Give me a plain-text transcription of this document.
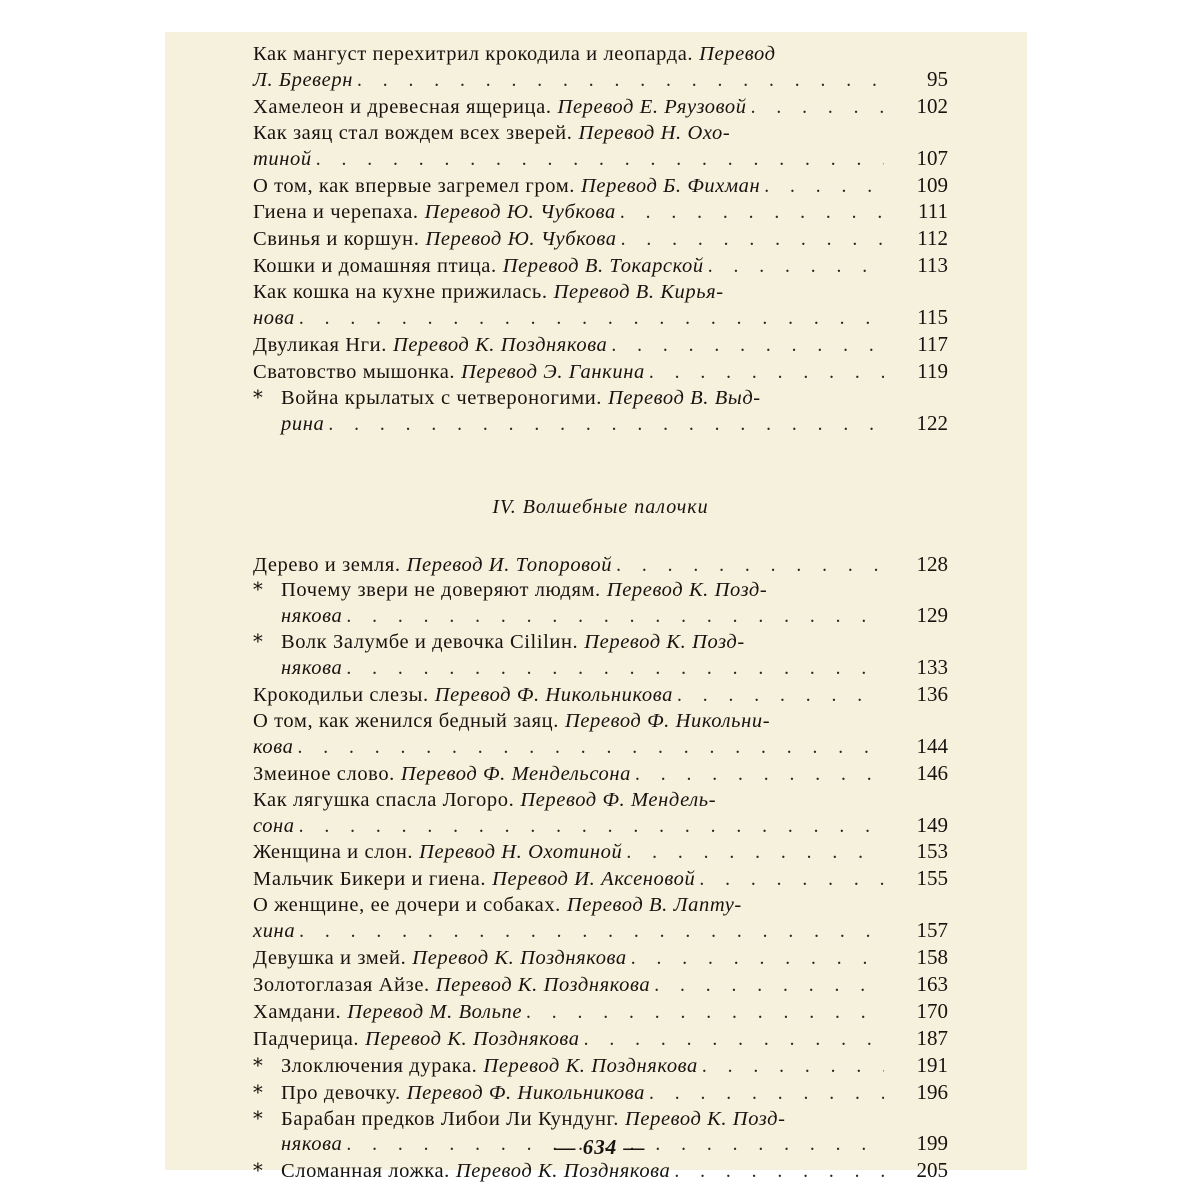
Как мангуст перехитрил крокодила и леопарда. Перевод
Л. Бреверн . . .	95
Хамелеон и древесная ящерица. Перевод Е. Ряузовой . . .	102
Как заяц стал вождем всех зверей. Перевод Н. Охо-
тиной . . .	107
О том, как впервые загремел гром. Перевод Б. Фихман . . .	109
Гиена и черепаха. Перевод Ю. Чубкова . . .	111
Свинья и коршун. Перевод Ю. Чубкова . . .	112
Кошки и домашняя птица. Перевод В. Токарской . . .	113
Как кошка на кухне прижилась. Перевод В. Кирья-
нова . . .	115
Двуликая Нги. Перевод К. Позднякова . . .	117
Сватовство мышонка. Перевод Э. Ганкина . . .	119
* Война крылатых с четвероногими. Перевод В. Выд-
рина . . .	122
IV. Волшебные палочки
Дерево и земля. Перевод И. Топоровой . . .	128
* Почему звери не доверяют людям. Перевод К. Позд-
някова . . .	129
* Волк Залумбе и девочка Сililин. Перевод К. Позд-
някова . . .	133
Крокодильи слезы. Перевод Ф. Никольникова . . .	136
О том, как женился бедный заяц. Перевод Ф. Никольни-
кова . . .	144
Змеиное слово. Перевод Ф. Мендельсона . . .	146
Как лягушка спасла Логоро. Перевод Ф. Мендель-
сона . . .	149
Женщина и слон. Перевод Н. Охотиной . . .	153
Мальчик Бикери и гиена. Перевод И. Аксеновой . . .	155
О женщине, ее дочери и собаках. Перевод В. Лапту-
хина . . .	157
Девушка и змей. Перевод К. Позднякова . . .	158
Золотоглазая Айзе. Перевод К. Позднякова . . .	163
Хамдани. Перевод М. Вольпе . . .	170
Падчерица. Перевод К. Позднякова . . .	187
* Злоключения дурака. Перевод К. Позднякова . . .	191
* Про девочку. Перевод Ф. Никольникова . . .	196
* Барабан предков Либои Ли Кундунг. Перевод К. Позд-
някова . . .	199
* Сломанная ложка. Перевод К. Позднякова . . .	205
— 634 —
